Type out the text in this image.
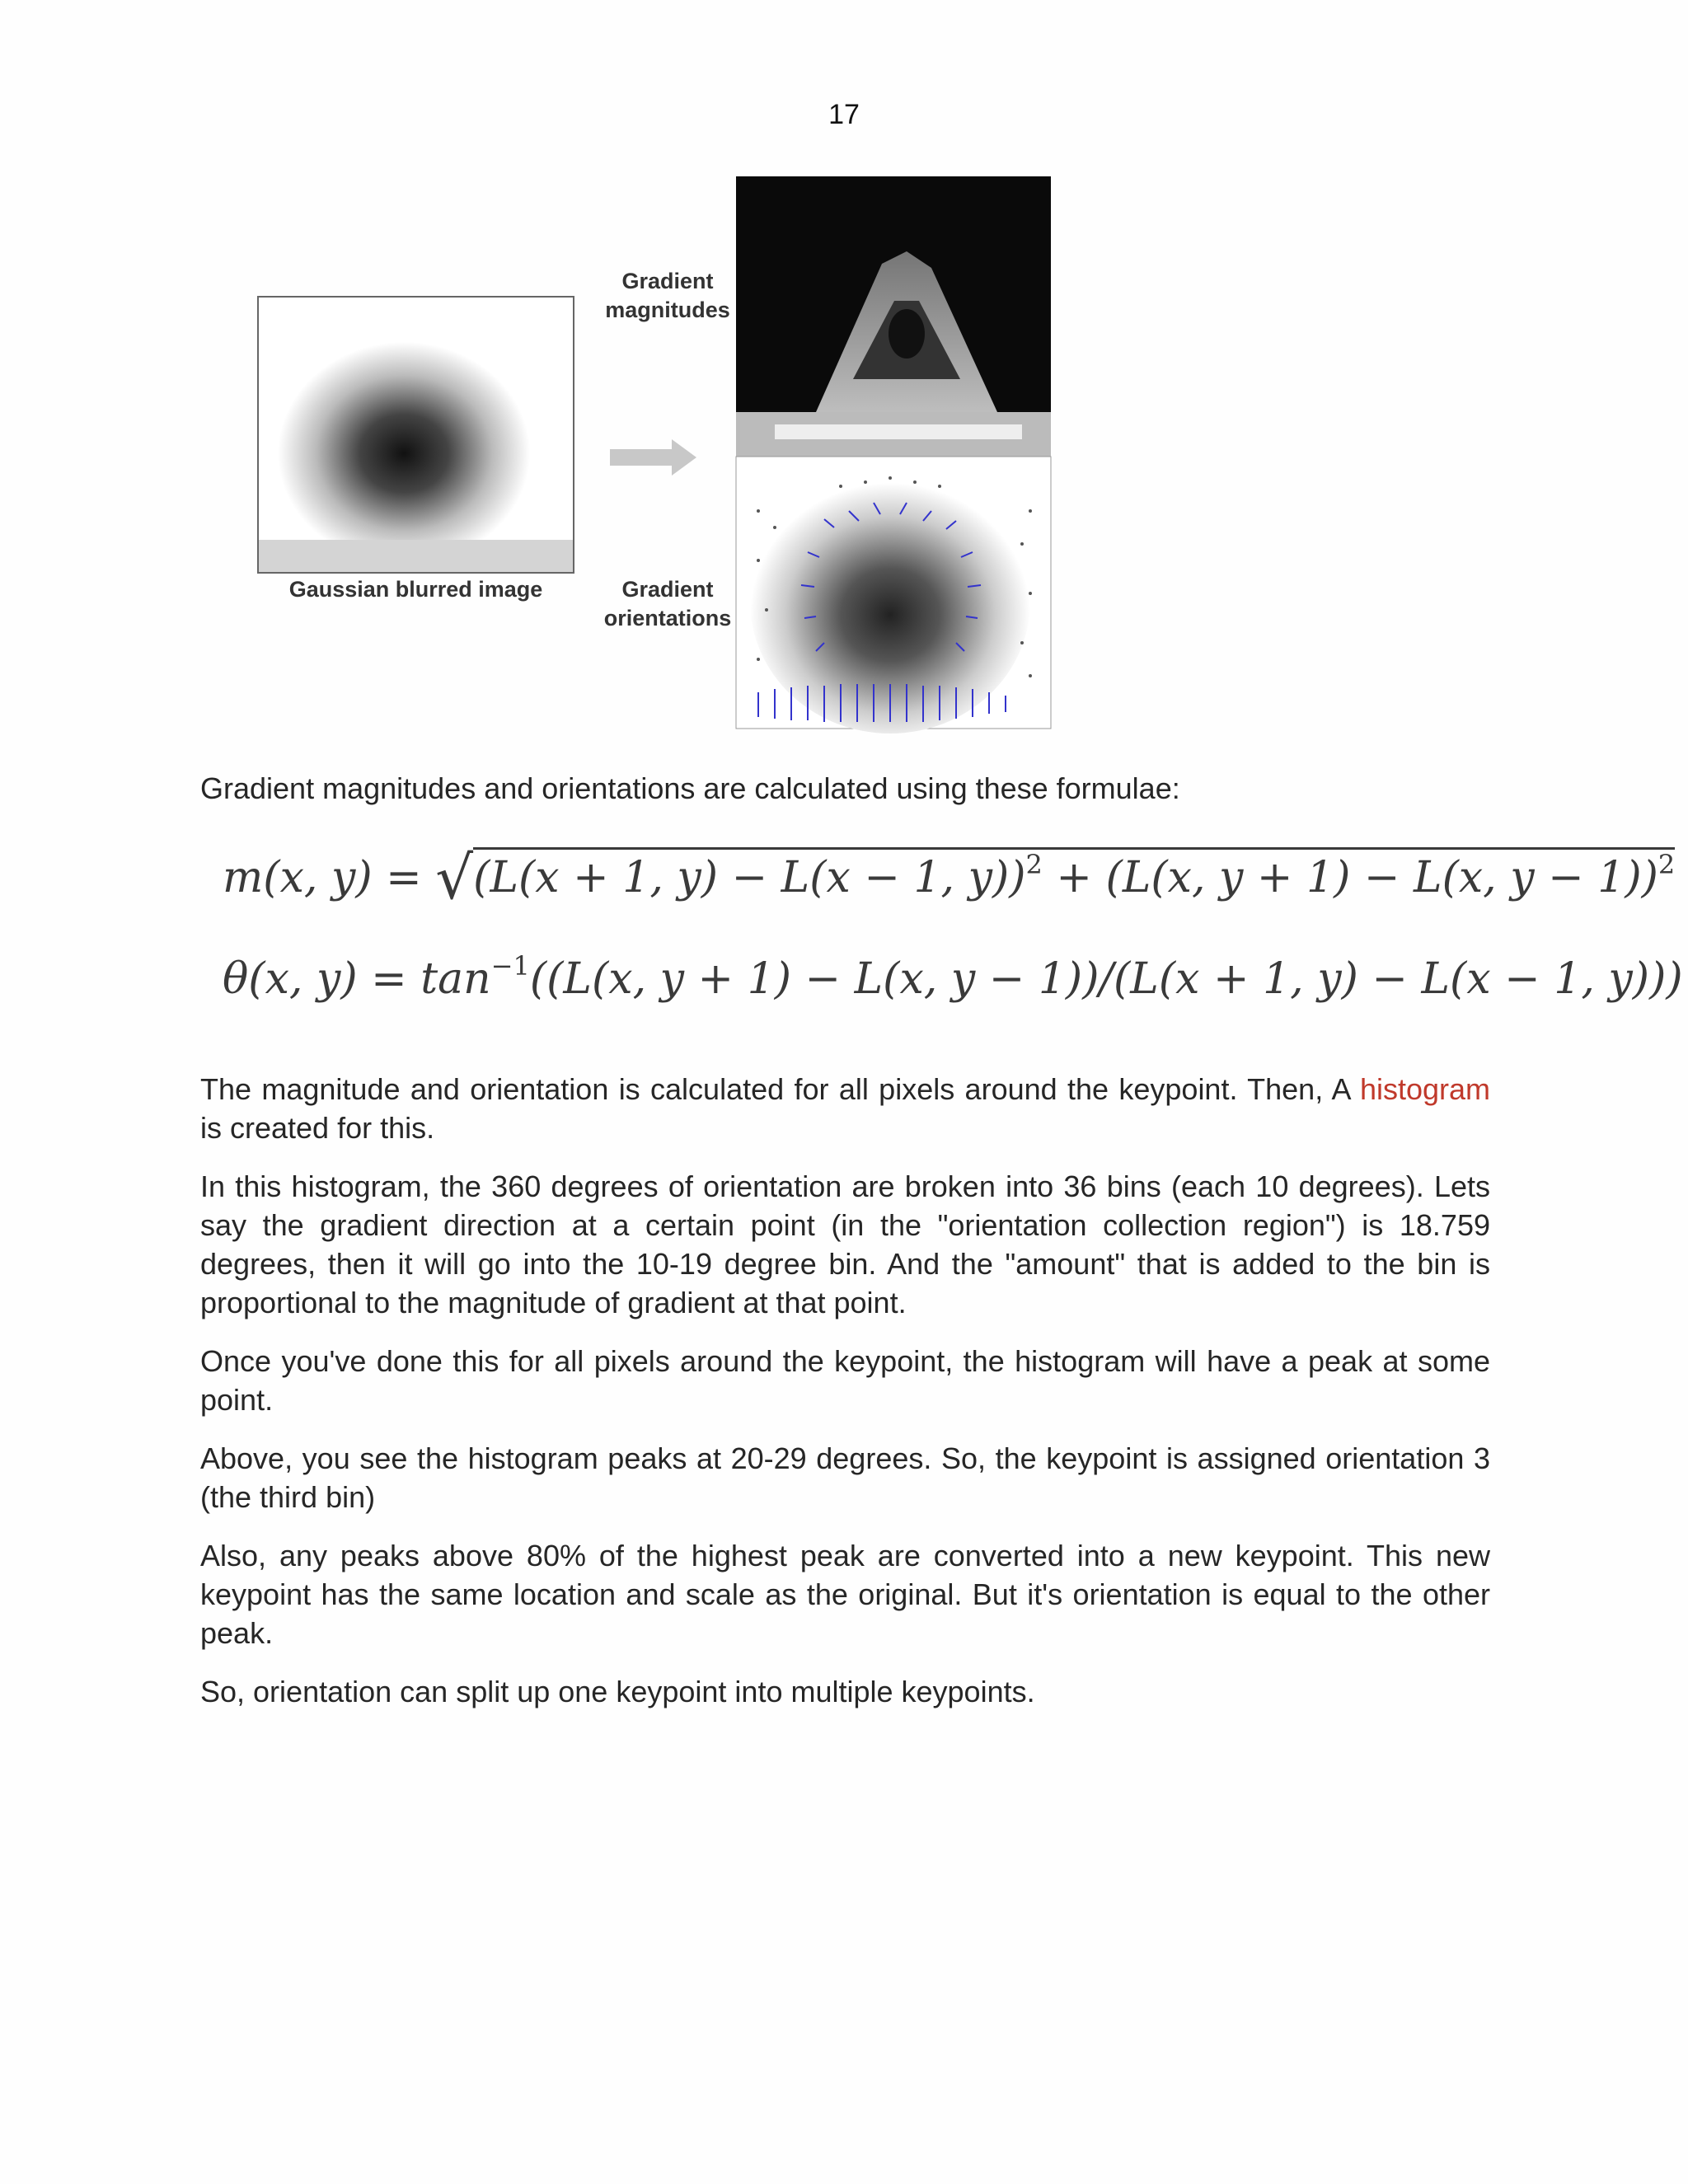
17
Gradient
magnitudes
Gaussian blurred image	Gradient
orientations
Gradient magnitudes and orientations are calculated using these formulae:
m(x, y) = √(L(x + 1, y) − L(x − 1, y))$^2$ + (L(x, y + 1) − L(x, y − 1))$^2$
θ(x, $y) = \tan^{-1}((L(x$, y + 1) − L(x, y − 1))/(L(x + 1, y) − L(x − 1, y)))

The magnitude and orientation is calculated for all pixels around the keypoint. Then, A histogram is created for this.

In this histogram, the 360 degrees of orientation are broken into 36 bins (each 10 degrees). Lets say the gradient direction at a certain point (in the "orientation collection region") is 18.759 degrees, then it will go into the 10-19 degree bin. And the "amount" that is added to the bin is proportional to the magnitude of gradient at that point.

Once you've done this for all pixels around the keypoint, the histogram will have a peak at some point.

Above, you see the histogram peaks at 20-29 degrees. So, the keypoint is assigned orientation 3 (the third bin)

Also, any peaks above 80% of the highest peak are converted into a new keypoint. This new keypoint has the same location and scale as the original. But it's orientation is equal to the other peak.

So, orientation can split up one keypoint into multiple keypoints.
